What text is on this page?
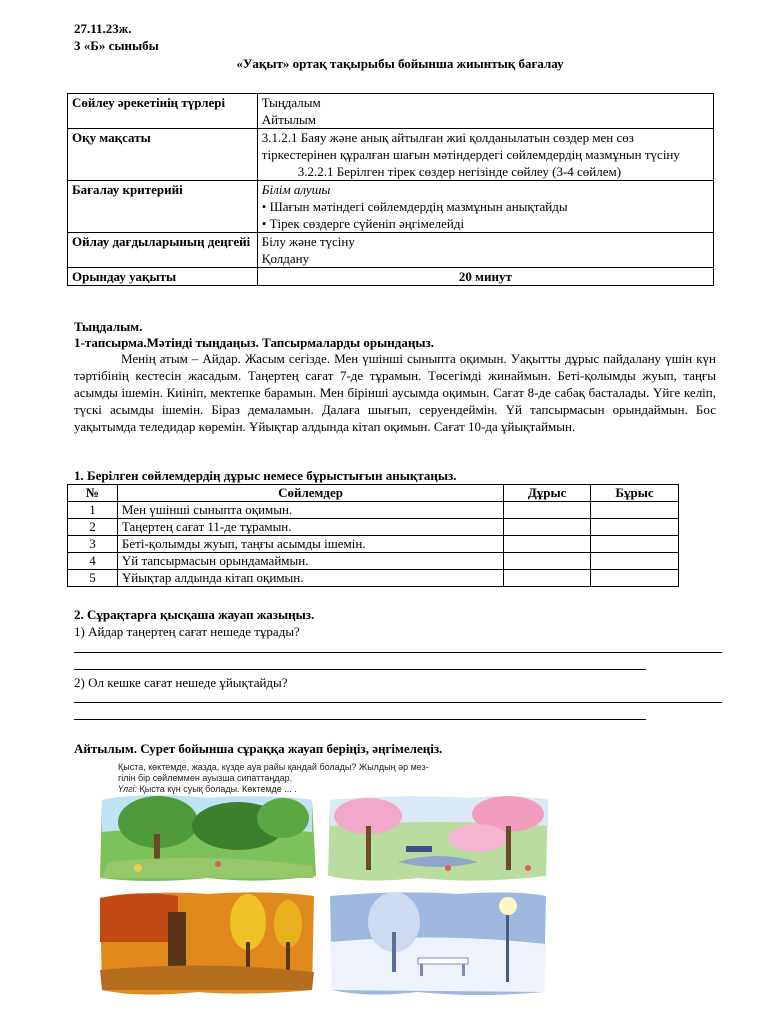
27.11.23ж.
3 «Б» сыныбы
«Уақыт» ортақ тақырыбы бойынша жиынтық бағалау
Сөйлеу әрекетінің түрлері	Тыңдалым
Айтылым

Оқу мақсаты	3.1.2.1 Баяу және анық айтылған жиі қолданылатын сөздер мен сөз тіркестерінен құралған шағын мәтіндердегі сөйлемдердің мазмұнын түсіну
3.2.2.1 Берілген тірек сөздер негізінде сөйлеу (3-4 сөйлем)

Бағалау критерийі	Білім алушы
• Шағын мәтіндегі сөйлемдердің мазмұнын анықтайды
• Тірек сөздерге сүйеніп әңгімелейді

Ойлау дағдыларының деңгейі	Білу және түсіну
Қолдану

Орындау уақыты	20 минут
Тыңдалым.
1-тапсырма.Мәтінді тыңдаңыз. Тапсырмаларды орындаңыз.
Менің атым – Айдар. Жасым сегізде. Мен үшінші сыныпта оқимын. Уақытты дұрыс пайдалану үшін күн тәртібінің кестесін жасадым. Таңертең сағат 7-де тұрамын. Төсегімді жинаймын. Беті-қолымды жуып, таңғы асымды ішемін. Киініп, мектепке барамын. Мен бірінші аусымда оқимын. Сағат 8-де сабақ басталады. Үйге келіп, түскі асымды ішемін. Біраз демаламын. Далаға шығып, серуендеймін. Үй тапсырмасын орындаймын. Бос уақытымда теледидар көремін. Ұйықтар алдында кітап оқимын. Сағат 10-да ұйықтаймын.
1. Берілген сөйлемдердің дұрыс немесе бұрыстығын анықтаңыз.
№	Сөйлемдер	Дұрыс	Бұрыс
1	Мен үшінші сыныпта оқимын.		
2	Таңертең сағат 11-де тұрамын.		
3	Беті-қолымды жуып, таңғы асымды ішемін.		
4	Үй тапсырмасын орындамаймын.		
5	Ұйықтар алдында кітап оқимын.		
2. Сұрақтарға қысқаша жауап жазыңыз.
1) Айдар таңертең сағат нешеде тұрады?
2) Ол кешке сағат нешеде ұйықтайды?
Айтылым. Сурет бойынша сұраққа жауап беріңіз, әңгімелеңіз.
Қыста, көктемде, жазда, күзде ауа райы қандай болады? Жылдың әр мез-
гілін бір сөйлеммен ауызша сипаттаңдар.
Үлгі: Қыста күн суық болады. Көктемде ... .
